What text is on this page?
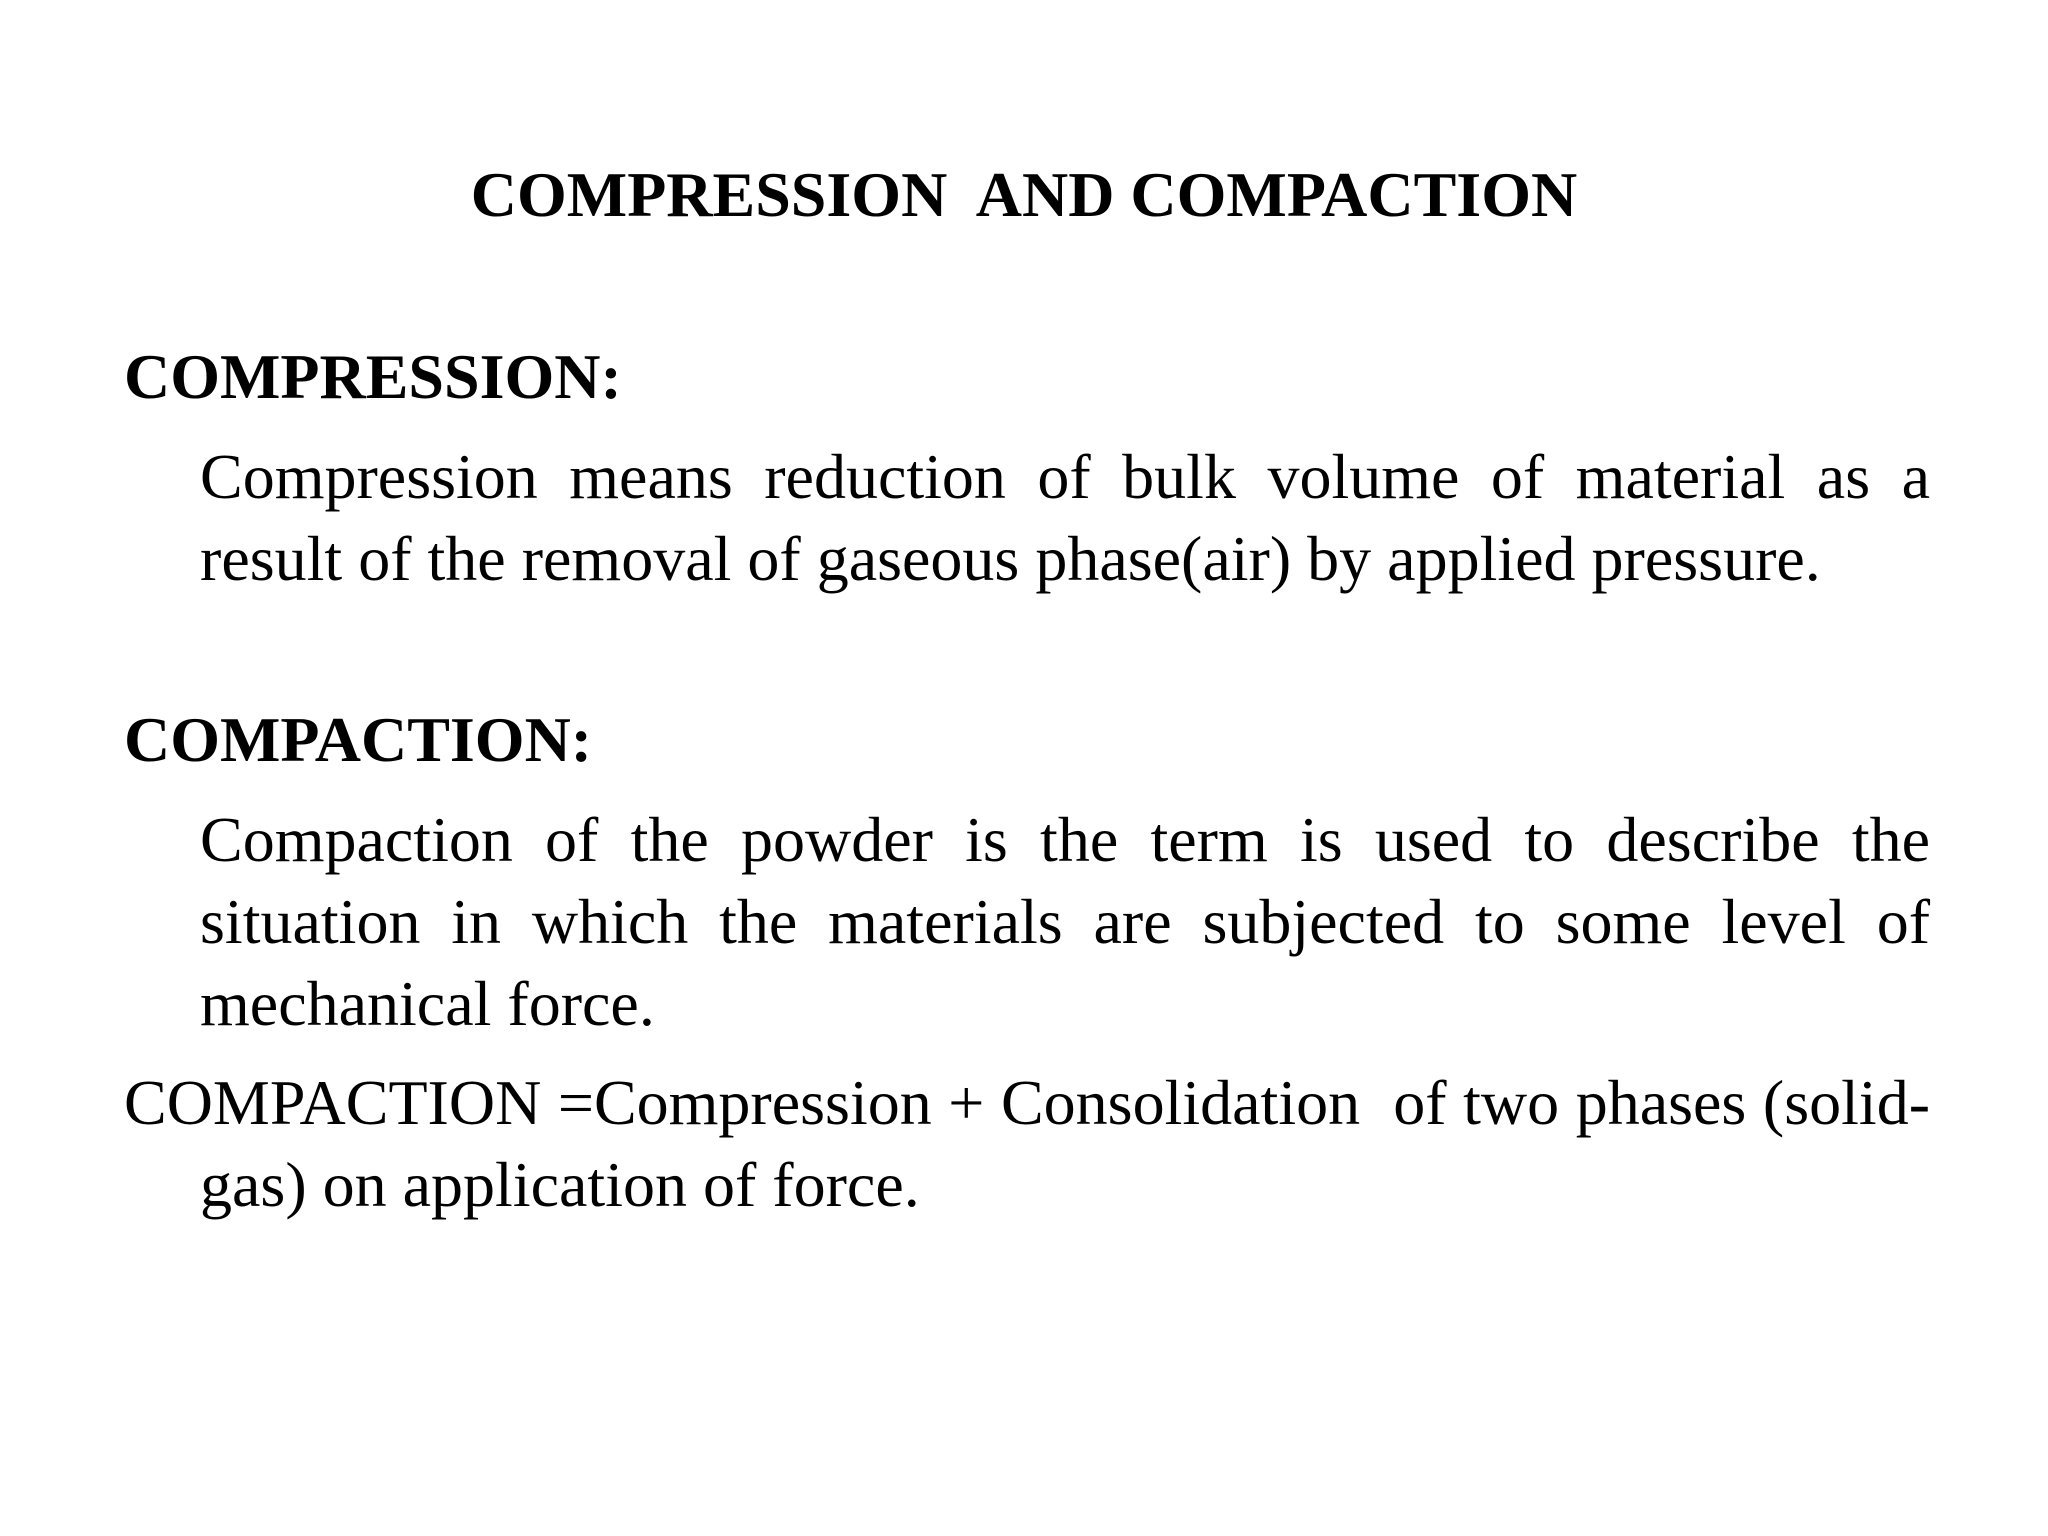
COMPRESSION  AND COMPACTION
COMPRESSION:
Compression means reduction of bulk volume of material as a result of the removal of gaseous phase(air) by applied pressure.
COMPACTION:
Compaction of the powder is the term is used to describe the situation in which the materials are subjected to some level of mechanical force.
COMPACTION =Compression + Consolidation  of two phases (solid-gas) on application of force.
